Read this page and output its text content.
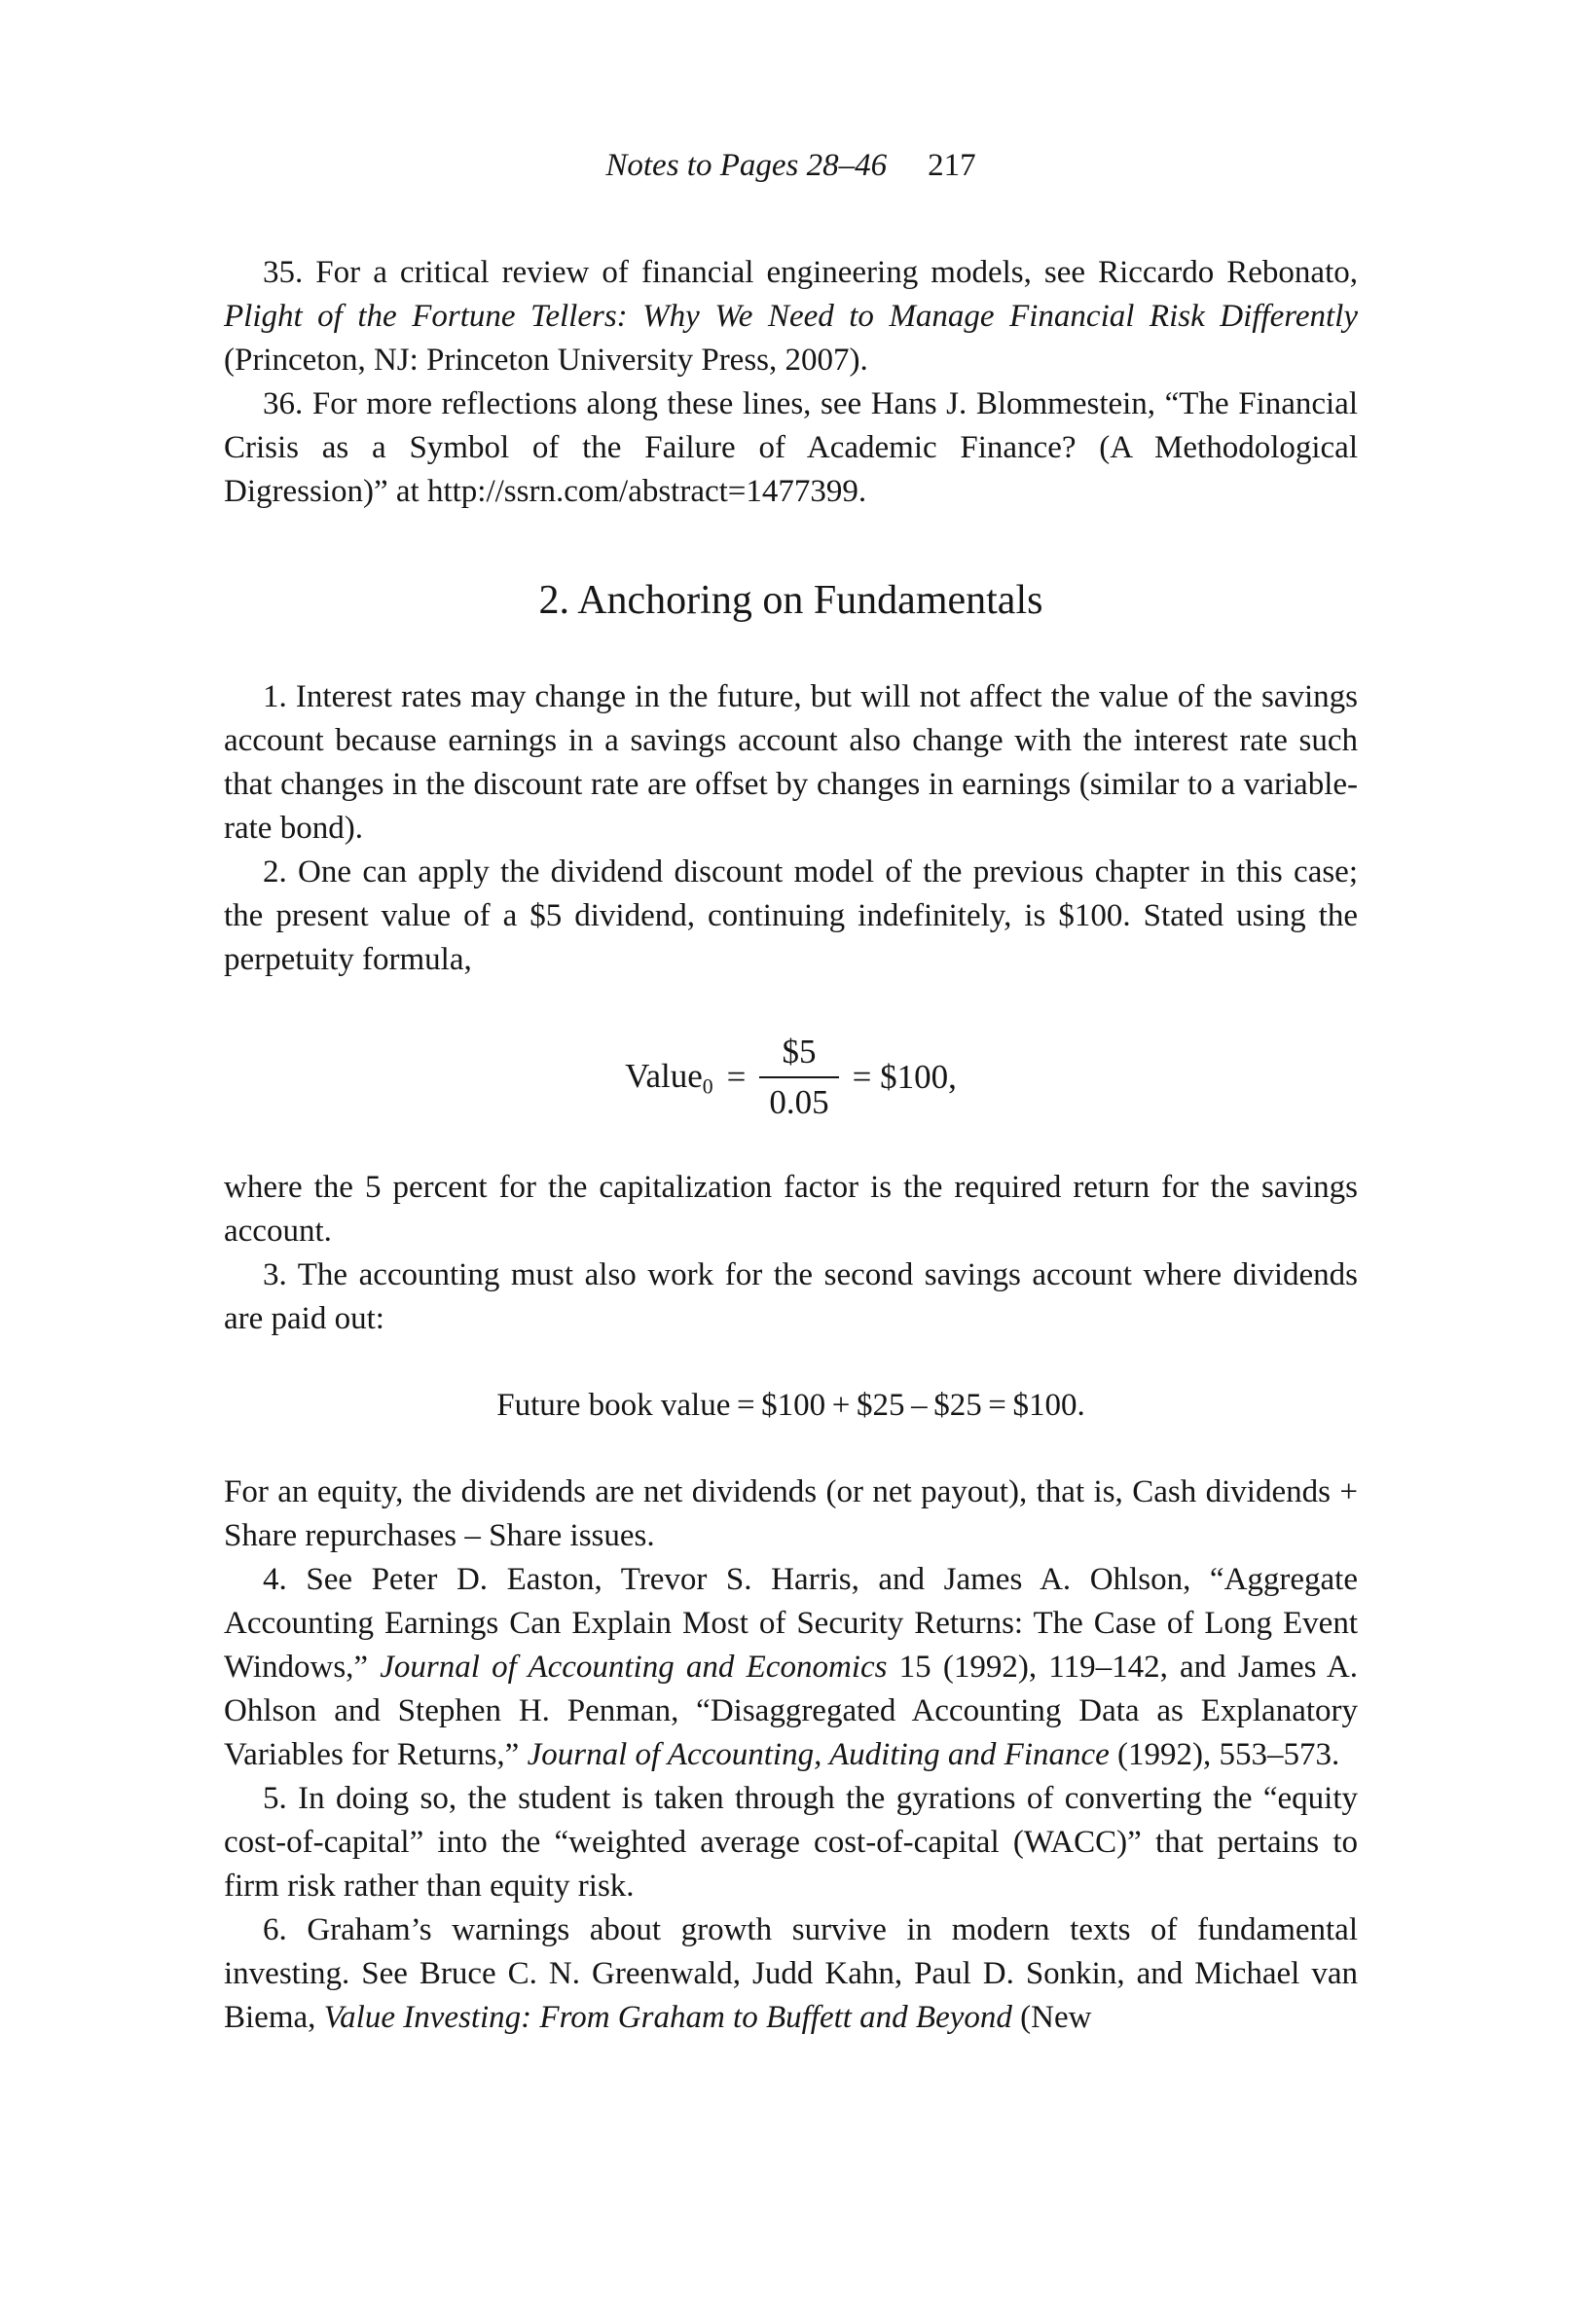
Notes to Pages 28–46 217

35. For a critical review of financial engineering models, see Riccardo Rebonato, Plight of the Fortune Tellers: Why We Need to Manage Financial Risk Differently (Princeton, NJ: Princeton University Press, 2007).

36. For more reflections along these lines, see Hans J. Blommestein, “The Financial Crisis as a Symbol of the Failure of Academic Finance? (A Methodological Digression)” at http://ssrn.com/abstract=1477399.

2. Anchoring on Fundamentals

1. Interest rates may change in the future, but will not affect the value of the savings account because earnings in a savings account also change with the interest rate such that changes in the discount rate are offset by changes in earnings (similar to a variable-rate bond).

2. One can apply the dividend discount model of the previous chapter in this case; the present value of a $5 dividend, continuing indefinitely, is $100. Stated using the perpetuity formula,

Value0 = $\frac{\$5}{0.05}$ = $100,

where the 5 percent for the capitalization factor is the required return for the savings account.

3. The accounting must also work for the second savings account where dividends are paid out:

Future book value = $100 + $25 – $25 = $100.

For an equity, the dividends are net dividends (or net payout), that is, Cash dividends + Share repurchases – Share issues.

4. See Peter D. Easton, Trevor S. Harris, and James A. Ohlson, “Aggregate Accounting Earnings Can Explain Most of Security Returns: The Case of Long Event Windows,” Journal of Accounting and Economics 15 (1992), 119–142, and James A. Ohlson and Stephen H. Penman, “Disaggregated Accounting Data as Explanatory Variables for Returns,” Journal of Accounting, Auditing and Finance (1992), 553–573.

5. In doing so, the student is taken through the gyrations of converting the “equity cost-of-capital” into the “weighted average cost-of-capital (WACC)” that pertains to firm risk rather than equity risk.

6. Graham’s warnings about growth survive in modern texts of fundamental investing. See Bruce C. N. Greenwald, Judd Kahn, Paul D. Sonkin, and Michael van Biema, Value Investing: From Graham to Buffett and Beyond (New
